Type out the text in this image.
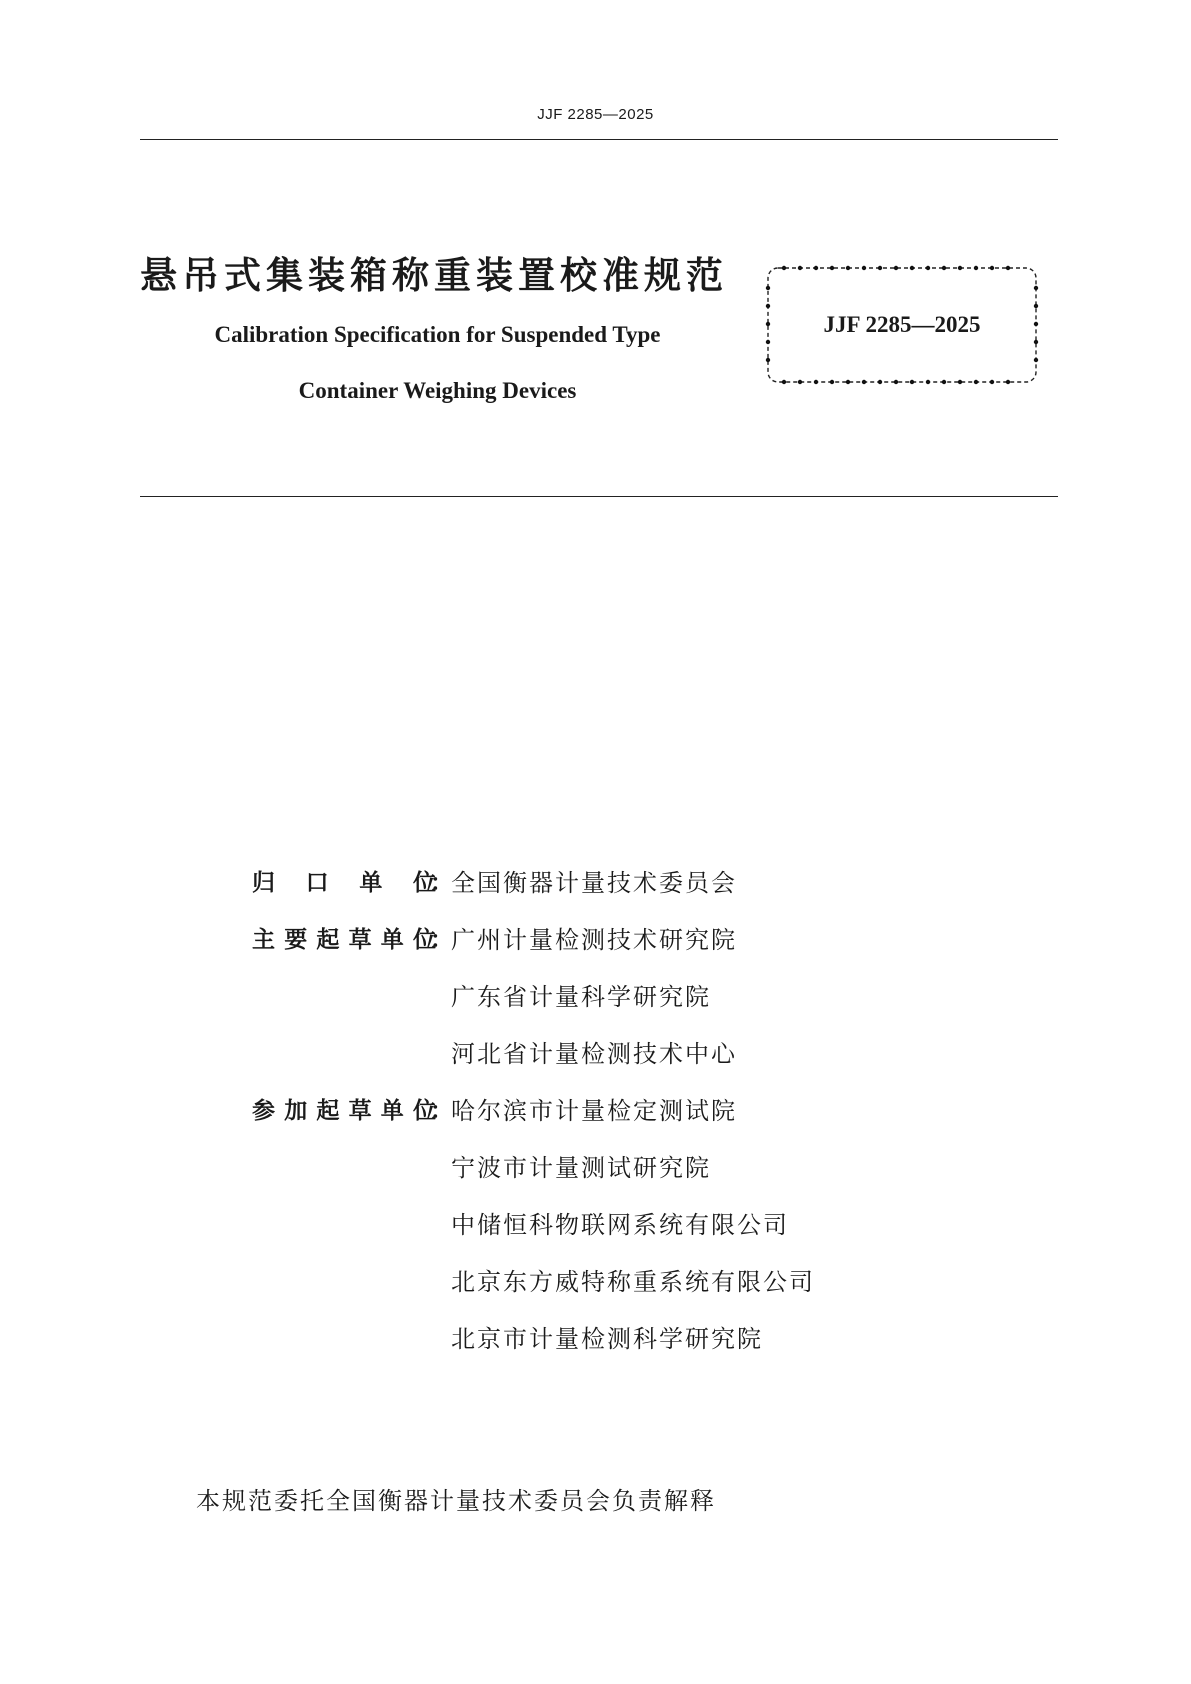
JJF 2285—2025
悬吊式集装箱称重装置校准规范
Calibration Specification for Suspended Type
Container Weighing Devices
JJF 2285—2025
归口单位
：
全国衡器计量技术委员会
主要起草单位
：
广州计量检测技术研究院
广东省计量科学研究院
河北省计量检测技术中心
参加起草单位
：
哈尔滨市计量检定测试院
宁波市计量测试研究院
中储恒科物联网系统有限公司
北京东方威特称重系统有限公司
北京市计量检测科学研究院
本规范委托全国衡器计量技术委员会负责解释
